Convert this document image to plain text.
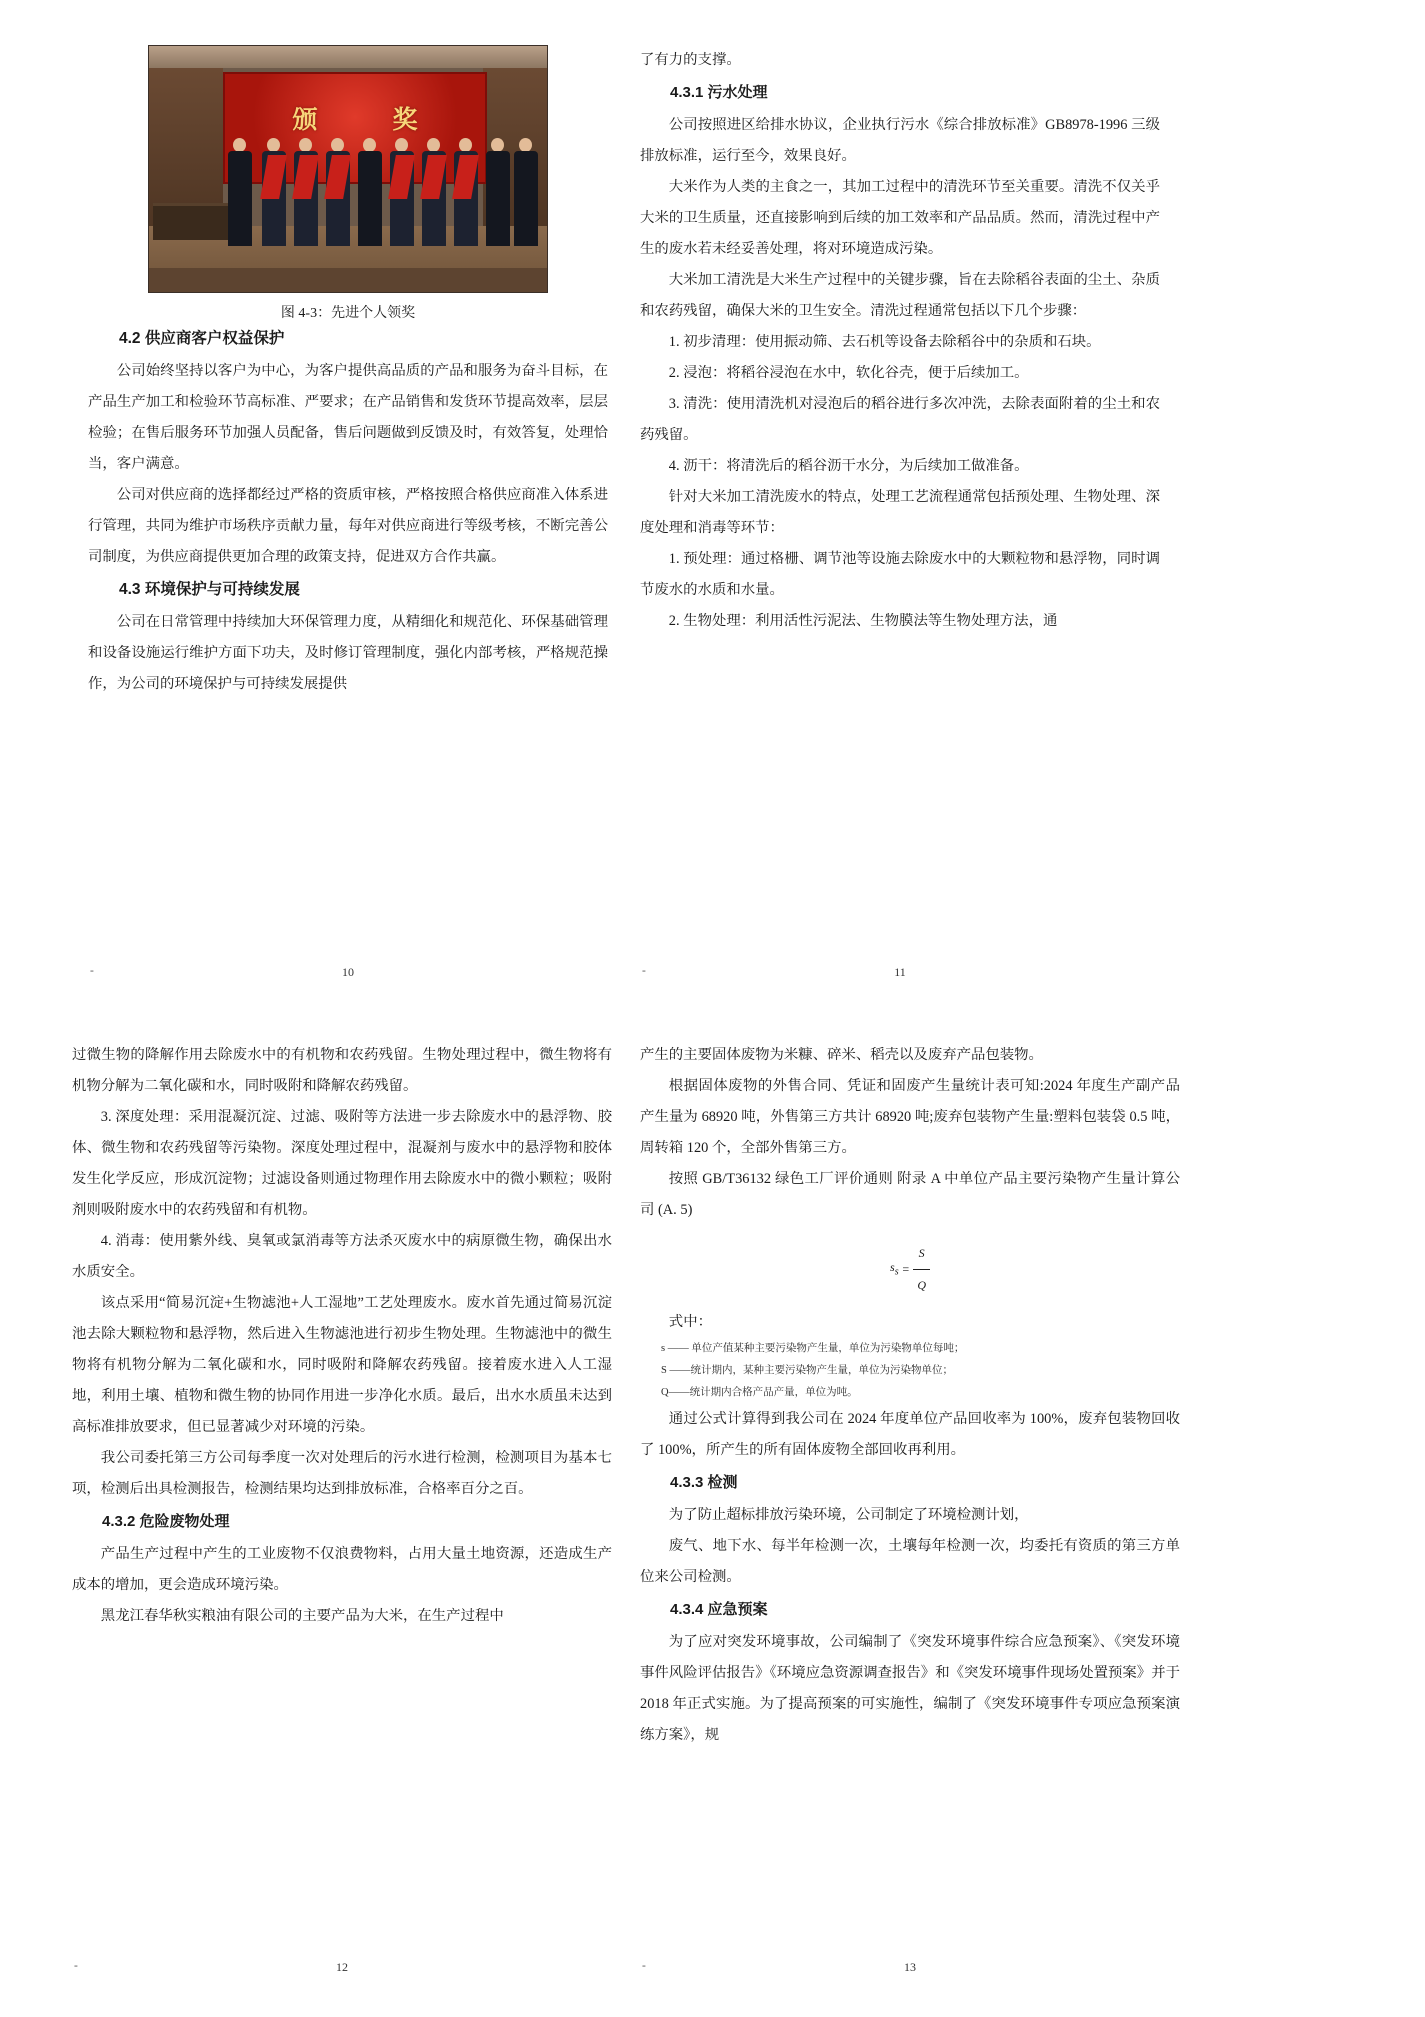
颁 奖
图 4-3：先进个人领奖
4.2 供应商客户权益保护

公司始终坚持以客户为中心，为客户提供高品质的产品和服务为奋斗目标，在产品生产加工和检验环节高标准、严要求；在产品销售和发货环节提高效率，层层检验；在售后服务环节加强人员配备，售后问题做到反馈及时，有效答复，处理恰当，客户满意。

公司对供应商的选择都经过严格的资质审核，严格按照合格供应商准入体系进行管理，共同为维护市场秩序贡献力量，每年对供应商进行等级考核，不断完善公司制度，为供应商提供更加合理的政策支持，促进双方合作共赢。

4.3 环境保护与可持续发展

公司在日常管理中持续加大环保管理力度，从精细化和规范化、环保基础管理和设备设施运行维护方面下功夫，及时修订管理制度，强化内部考核，严格规范操作，为公司的环境保护与可持续发展提供

-	10

了有力的支撑。

4.3.1 污水处理

公司按照进区给排水协议，企业执行污水《综合排放标准》GB8978-1996 三级排放标准，运行至今，效果良好。

大米作为人类的主食之一，其加工过程中的清洗环节至关重要。清洗不仅关乎大米的卫生质量，还直接影响到后续的加工效率和产品品质。然而，清洗过程中产生的废水若未经妥善处理，将对环境造成污染。

大米加工清洗是大米生产过程中的关键步骤，旨在去除稻谷表面的尘土、杂质和农药残留，确保大米的卫生安全。清洗过程通常包括以下几个步骤：

1. 初步清理：使用振动筛、去石机等设备去除稻谷中的杂质和石块。
2. 浸泡：将稻谷浸泡在水中，软化谷壳，便于后续加工。
3. 清洗：使用清洗机对浸泡后的稻谷进行多次冲洗，去除表面附着的尘土和农药残留。
4. 沥干：将清洗后的稻谷沥干水分，为后续加工做准备。

针对大米加工清洗废水的特点，处理工艺流程通常包括预处理、生物处理、深度处理和消毒等环节：

1. 预处理：通过格栅、调节池等设施去除废水中的大颗粒物和悬浮物，同时调节废水的水质和水量。
2. 生物处理：利用活性污泥法、生物膜法等生物处理方法，通
-	11

过微生物的降解作用去除废水中的有机物和农药残留。生物处理过程中，微生物将有机物分解为二氧化碳和水，同时吸附和降解农药残留。

3. 深度处理：采用混凝沉淀、过滤、吸附等方法进一步去除废水中的悬浮物、胶体、微生物和农药残留等污染物。深度处理过程中，混凝剂与废水中的悬浮物和胶体发生化学反应，形成沉淀物；过滤设备则通过物理作用去除废水中的微小颗粒；吸附剂则吸附废水中的农药残留和有机物。
4. 消毒：使用紫外线、臭氧或氯消毒等方法杀灭废水中的病原微生物，确保出水水质安全。

该点采用“简易沉淀+生物滤池+人工湿地”工艺处理废水。废水首先通过简易沉淀池去除大颗粒物和悬浮物，然后进入生物滤池进行初步生物处理。生物滤池中的微生物将有机物分解为二氧化碳和水，同时吸附和降解农药残留。接着废水进入人工湿地，利用土壤、植物和微生物的协同作用进一步净化水质。最后，出水水质虽未达到高标准排放要求，但已显著减少对环境的污染。

我公司委托第三方公司每季度一次对处理后的污水进行检测，检测项目为基本七项，检测后出具检测报告，检测结果均达到排放标准，合格率百分之百。

4.3.2 危险废物处理

产品生产过程中产生的工业废物不仅浪费物料，占用大量土地资源，还造成生产成本的增加，更会造成环境污染。

黑龙江春华秋实粮油有限公司的主要产品为大米，在生产过程中

-	12

产生的主要固体废物为米糠、碎米、稻壳以及废弃产品包装物。

根据固体废物的外售合同、凭证和固废产生量统计表可知:2024 年度生产副产品产生量为 68920 吨，外售第三方共计 68920 吨;废弃包装物产生量:塑料包装袋 0.5 吨，周转箱 120 个，全部外售第三方。

按照 GB/T36132 绿色工厂评价通则 附录 A 中单位产品主要污染物产生量计算公司 (A. 5)

$s_s = \frac{S}{Q}$

式中：

s —— 单位产值某种主要污染物产生量，单位为污染物单位每吨；
S ——统计期内，某种主要污染物产生量，单位为污染物单位；
Q——统计期内合格产品产量，单位为吨。

通过公式计算得到我公司在 2024 年度单位产品回收率为 100%，废弃包装物回收了 100%，所产生的所有固体废物全部回收再利用。

4.3.3 检测

为了防止超标排放污染环境，公司制定了环境检测计划，

废气、地下水、每半年检测一次，土壤每年检测一次，均委托有资质的第三方单位来公司检测。

4.3.4 应急预案

为了应对突发环境事故，公司编制了《突发环境事件综合应急预案》、《突发环境事件风险评估报告》《环境应急资源调查报告》和《突发环境事件现场处置预案》并于 2018 年正式实施。为了提高预案的可实施性，编制了《突发环境事件专项应急预案演练方案》，规

-	13
